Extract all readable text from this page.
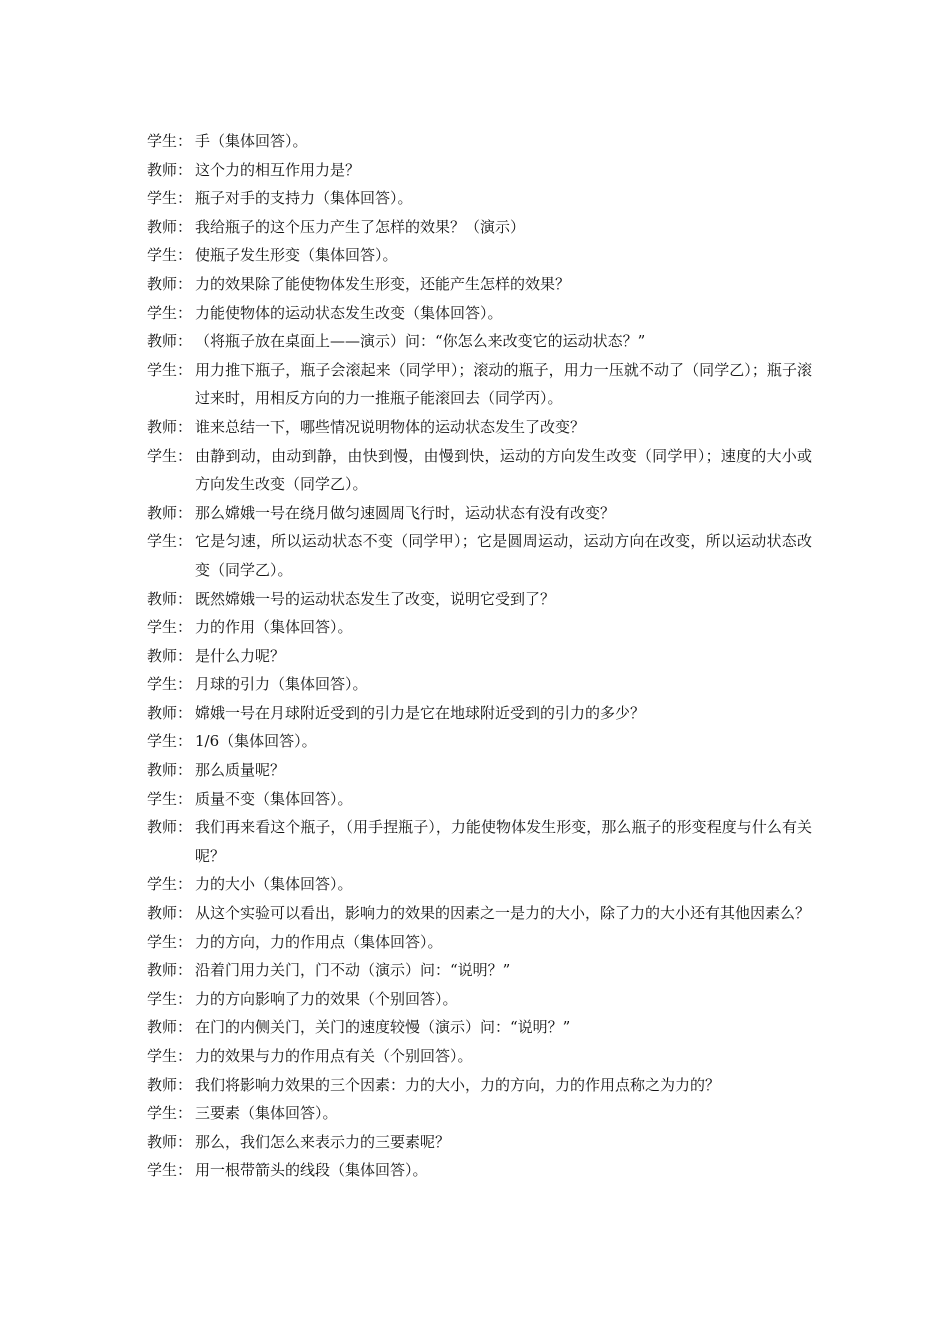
学生： 手（集体回答）。
教师： 这个力的相互作用力是？
学生： 瓶子对手的支持力（集体回答）。
教师： 我给瓶子的这个压力产生了怎样的效果？（演示）
学生： 使瓶子发生形变（集体回答）。
教师： 力的效果除了能使物体发生形变，还能产生怎样的效果？
学生： 力能使物体的运动状态发生改变（集体回答）。
教师： （将瓶子放在桌面上——演示）问：“你怎么来改变它的运动状态？”
学生： 用力推下瓶子，瓶子会滚起来（同学甲）；滚动的瓶子，用力一压就不动了（同学乙）；瓶子滚过来时，用相反方向的力一推瓶子能滚回去（同学丙）。
教师： 谁来总结一下，哪些情况说明物体的运动状态发生了改变？
学生： 由静到动，由动到静，由快到慢，由慢到快，运动的方向发生改变（同学甲）；速度的大小或方向发生改变（同学乙）。
教师： 那么嫦娥一号在绕月做匀速圆周飞行时，运动状态有没有改变？
学生： 它是匀速，所以运动状态不变（同学甲）；它是圆周运动，运动方向在改变，所以运动状态改变（同学乙）。
教师： 既然嫦娥一号的运动状态发生了改变，说明它受到了？
学生： 力的作用（集体回答）。
教师： 是什么力呢？
学生： 月球的引力（集体回答）。
教师： 嫦娥一号在月球附近受到的引力是它在地球附近受到的引力的多少？
学生： 1/6（集体回答）。
教师： 那么质量呢？
学生： 质量不变（集体回答）。
教师： 我们再来看这个瓶子，（用手捏瓶子），力能使物体发生形变，那么瓶子的形变程度与什么有关呢？
学生： 力的大小（集体回答）。
教师： 从这个实验可以看出，影响力的效果的因素之一是力的大小，除了力的大小还有其他因素么？
学生： 力的方向，力的作用点（集体回答）。
教师： 沿着门用力关门，门不动（演示）问：“说明？”
学生： 力的方向影响了力的效果（个别回答）。
教师： 在门的内侧关门，关门的速度较慢（演示）问：“说明？”
学生： 力的效果与力的作用点有关（个别回答）。
教师： 我们将影响力效果的三个因素：力的大小，力的方向，力的作用点称之为力的？
学生： 三要素（集体回答）。
教师： 那么，我们怎么来表示力的三要素呢？
学生： 用一根带箭头的线段（集体回答）。
